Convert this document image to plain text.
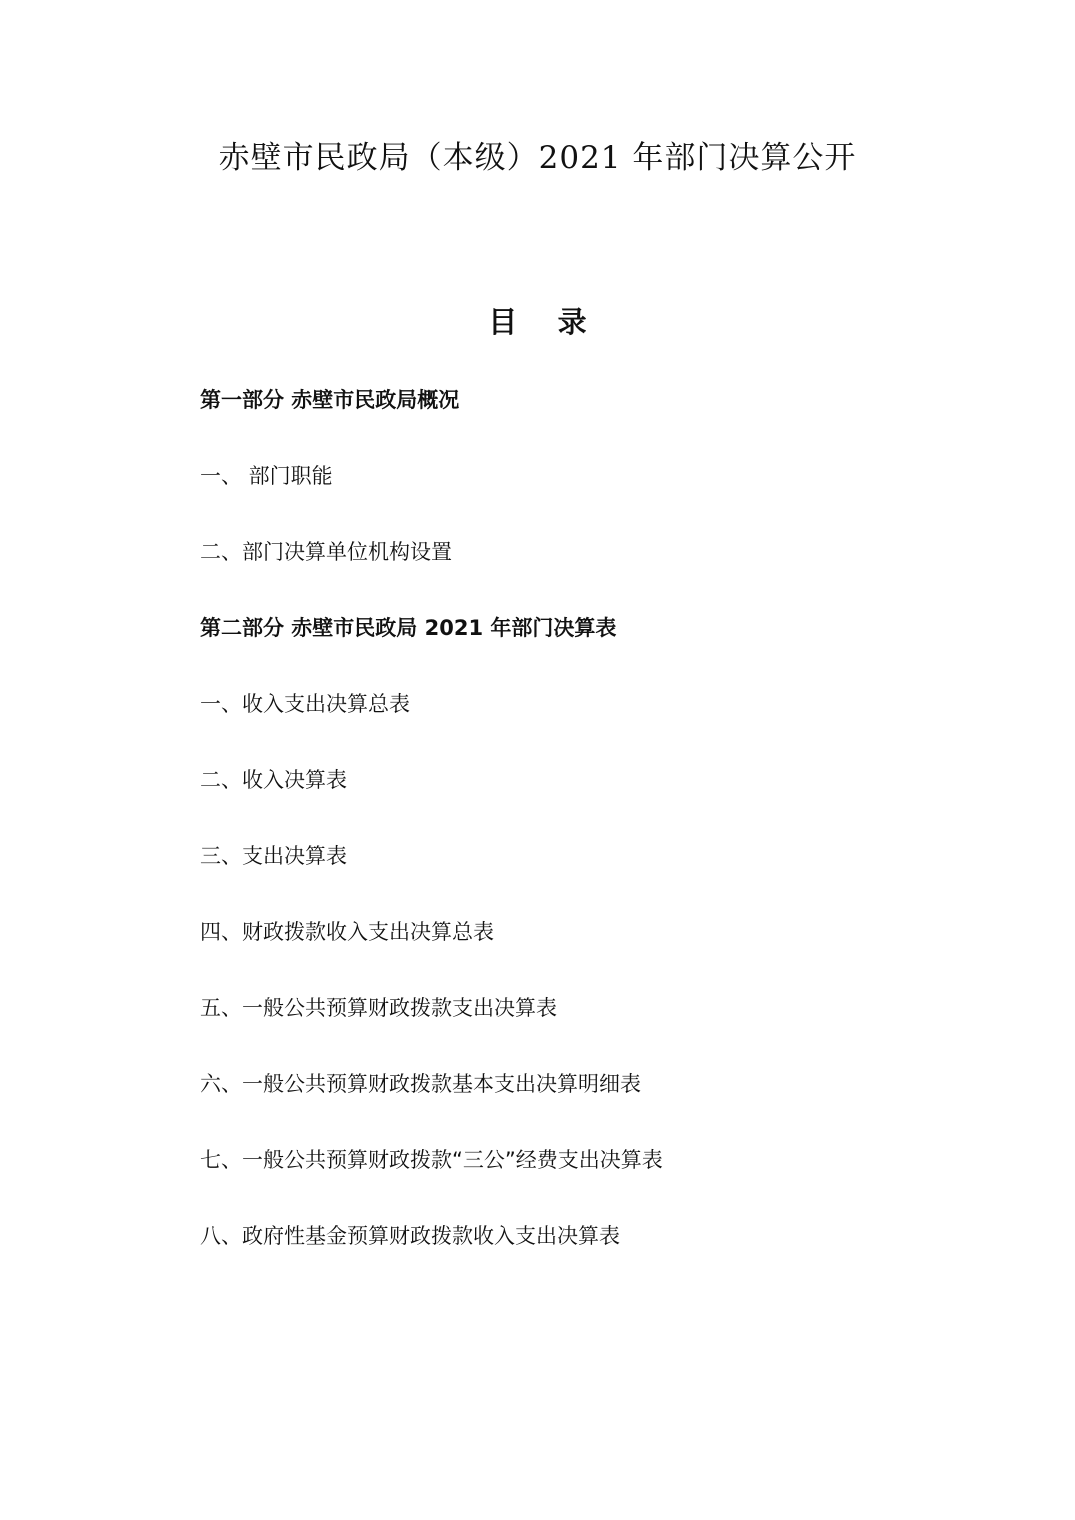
赤壁市民政局（本级）2021 年部门决算公开
目    录
第一部分 赤壁市民政局概况
一、 部门职能
二、部门决算单位机构设置
第二部分 赤壁市民政局 2021 年部门决算表
一、收入支出决算总表
二、收入决算表
三、支出决算表
四、财政拨款收入支出决算总表
五、一般公共预算财政拨款支出决算表
六、一般公共预算财政拨款基本支出决算明细表
七、一般公共预算财政拨款“三公”经费支出决算表
八、政府性基金预算财政拨款收入支出决算表
